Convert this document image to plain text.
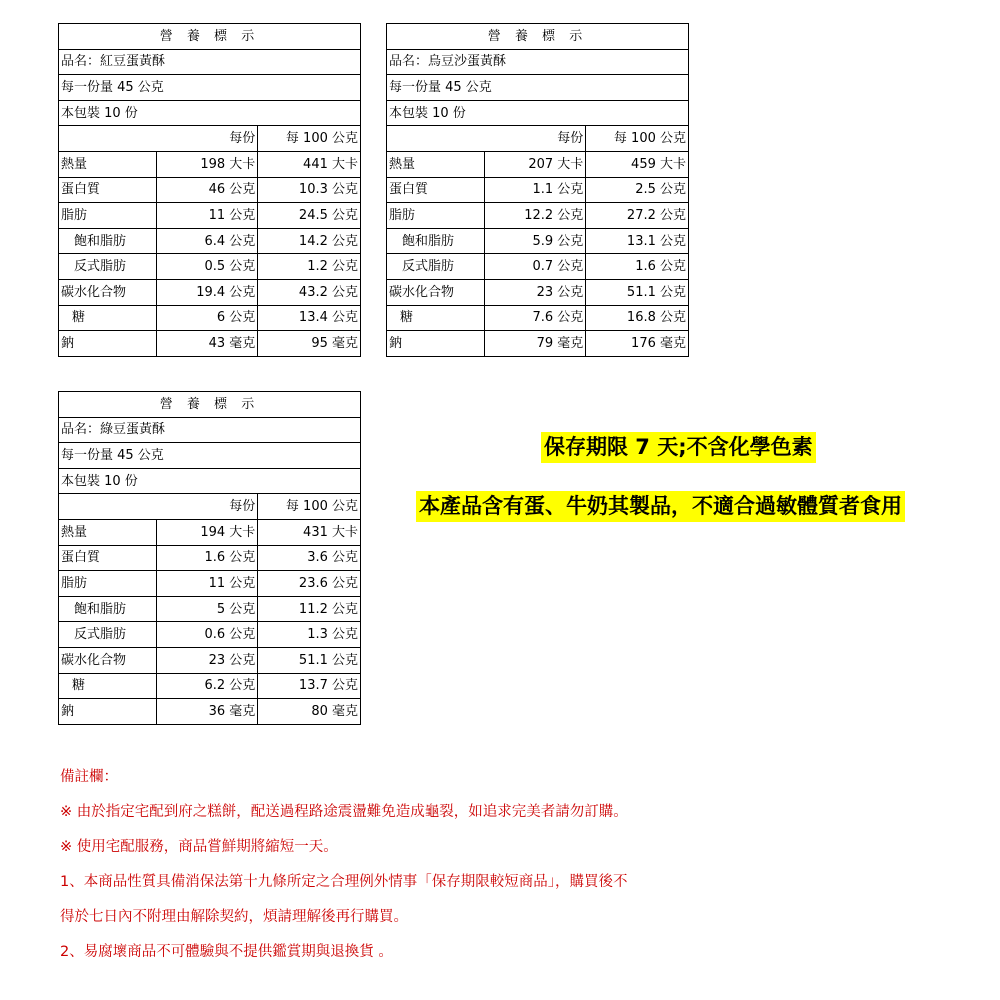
營 養 標 示		
品名：紅豆蛋黃酥		
每一份量 45 公克		
本包裝 10 份		
	每份	每 100 公克
熱量	198 大卡	441 大卡
蛋白質	46 公克	10.3 公克
脂肪	11 公克	24.5 公克
飽和脂肪	6.4 公克	14.2 公克
反式脂肪	0.5 公克	1.2 公克
碳水化合物	19.4 公克	43.2 公克
糖	6 公克	13.4 公克
鈉	43 毫克	95 毫克
營 養 標 示		
品名：烏豆沙蛋黃酥		
每一份量 45 公克		
本包裝 10 份		
	每份	每 100 公克
熱量	207 大卡	459 大卡
蛋白質	1.1 公克	2.5 公克
脂肪	12.2 公克	27.2 公克
飽和脂肪	5.9 公克	13.1 公克
反式脂肪	0.7 公克	1.6 公克
碳水化合物	23 公克	51.1 公克
糖	7.6 公克	16.8 公克
鈉	79 毫克	176 毫克
營 養 標 示		
品名：綠豆蛋黃酥		
每一份量 45 公克		
本包裝 10 份		
	每份	每 100 公克
熱量	194 大卡	431 大卡
蛋白質	1.6 公克	3.6 公克
脂肪	11 公克	23.6 公克
飽和脂肪	5 公克	11.2 公克
反式脂肪	0.6 公克	1.3 公克
碳水化合物	23 公克	51.1 公克
糖	6.2 公克	13.7 公克
鈉	36 毫克	80 毫克
保存期限 7 天;不含化學色素
本產品含有蛋、牛奶其製品，不適合過敏體質者食用
備註欄：
※ 由於指定宅配到府之糕餅，配送過程路途震盪難免造成龜裂，如追求完美者請勿訂購。
※ 使用宅配服務，商品嘗鮮期將縮短一天。
1、本商品性質具備消保法第十九條所定之合理例外情事「保存期限較短商品」，購買後不
得於七日內不附理由解除契約，煩請理解後再行購買。
2、易腐壞商品不可體驗與不提供鑑賞期與退換貨 。
